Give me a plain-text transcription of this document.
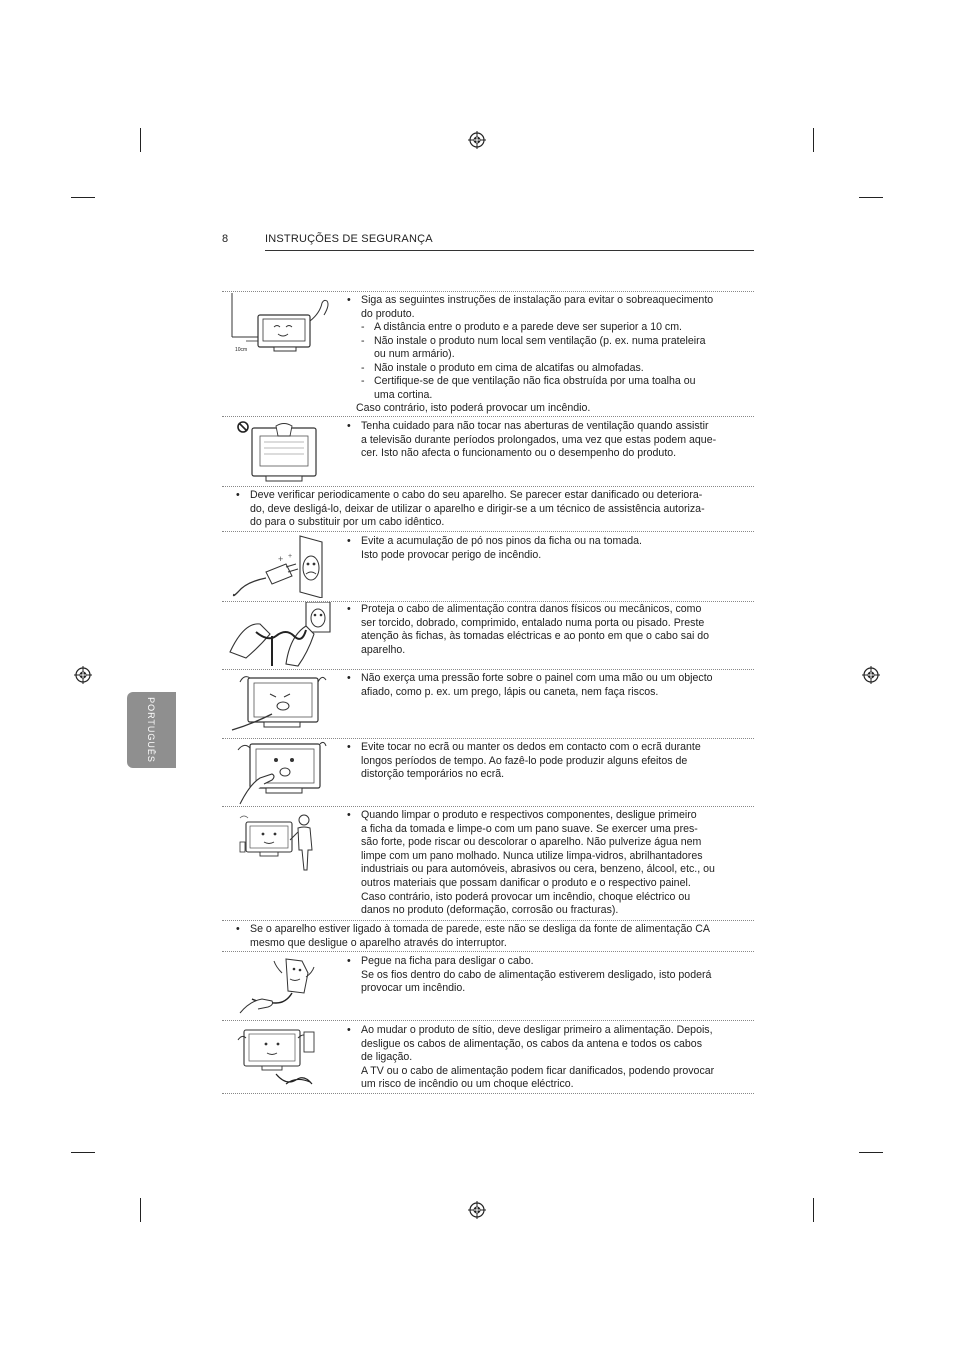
8	INSTRUÇÕES DE SEGURANÇA
PORTUGUÊS
10cm
• Siga as seguintes instruções de instalação para evitar o sobreaquecimento

do produto.

- A distância entre o produto e a parede deve ser superior a 10 cm.

- Não instale o produto num local sem ventilação (p. ex. numa prateleira
ou num armário).

- Não instale o produto em cima de alcatifas ou almofadas.

- Certifique-se de que ventilação não fica obstruída por uma toalha ou
uma cortina.

Caso contrário, isto poderá provocar um incêndio.
• Tenha cuidado para não tocar nas aberturas de ventilação quando assistir

a televisão durante períodos prolongados, uma vez que estas podem aque-

cer. Isto não afecta o funcionamento ou o desempenho do produto.

• Deve verificar periodicamente o cabo do seu aparelho. Se parecer estar danificado ou deteriora-

do, deve desligá-lo, deixar de utilizar o aparelho e dirigir-se a um técnico de assistência autoriza-

do para o substituir por um cabo idêntico.

+ +
• Evite a acumulação de pó nos pinos da ficha ou na tomada.

Isto pode provocar perigo de incêndio.

• Proteja o cabo de alimentação contra danos físicos ou mecânicos, como

ser torcido, dobrado, comprimido, entalado numa porta ou pisado. Preste

atenção às fichas, às tomadas eléctricas e ao ponto em que o cabo sai do

aparelho.

• Não exerça uma pressão forte sobre o painel com uma mão ou um objecto

afiado, como p. ex. um prego, lápis ou caneta, nem faça riscos.

• Evite tocar no ecrã ou manter os dedos em contacto com o ecrã durante

longos períodos de tempo. Ao fazê-lo pode produzir alguns efeitos de

distorção temporários no ecrã.

• Quando limpar o produto e respectivos componentes, desligue primeiro

a ficha da tomada e limpe-o com um pano suave. Se exercer uma pres-

são forte, pode riscar ou descolorar o aparelho. Não pulverize água nem

limpe com um pano molhado. Nunca utilize limpa-vidros, abrilhantadores

industriais ou para automóveis, abrasivos ou cera, benzeno, álcool, etc., ou

outros materiais que possam danificar o produto e o respectivo painel.

Caso contrário, isto poderá provocar um incêndio, choque eléctrico ou

danos no produto (deformação, corrosão ou fracturas).

• Se o aparelho estiver ligado à tomada de parede, este não se desliga da fonte de alimentação CA

mesmo que desligue o aparelho através do interruptor.

• Pegue na ficha para desligar o cabo.

Se os fios dentro do cabo de alimentação estiverem desligado, isto poderá

provocar um incêndio.

• Ao mudar o produto de sítio, deve desligar primeiro a alimentação. Depois,

desligue os cabos de alimentação, os cabos da antena e todos os cabos

de ligação.

A TV ou o cabo de alimentação podem ficar danificados, podendo provocar

um risco de incêndio ou um choque eléctrico.
